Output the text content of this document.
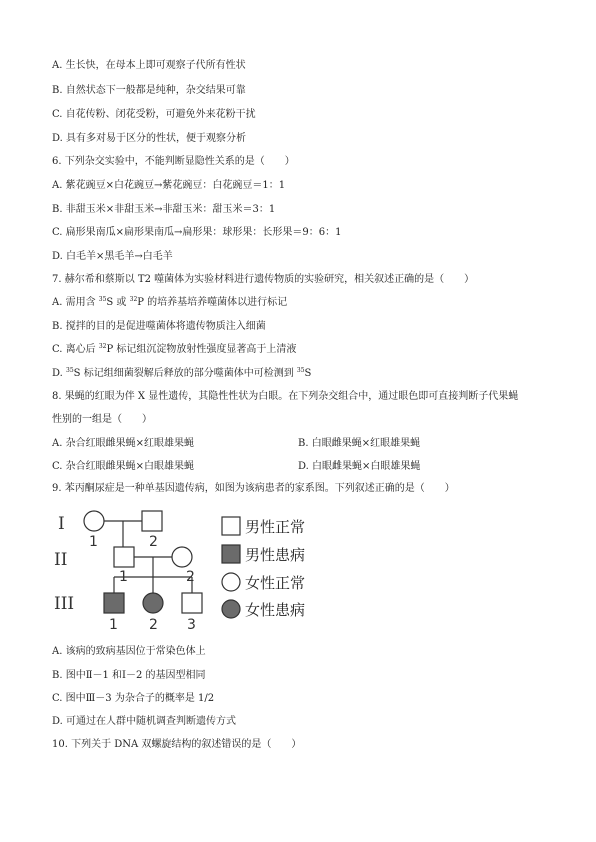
A. 生长快，在母本上即可观察子代所有性状
B. 自然状态下一般都是纯种，杂交结果可靠
C. 自花传粉、闭花受粉，可避免外来花粉干扰
D. 具有多对易于区分的性状，便于观察分析
6. 下列杂交实验中，不能判断显隐性关系的是（　　）
A. 紫花豌豆×白花豌豆→紫花豌豆：白花豌豆＝1：1
B. 非甜玉米×非甜玉米→非甜玉米：甜玉米＝3：1
C. 扁形果南瓜×扁形果南瓜→扁形果：球形果：长形果＝9：6：1
D. 白毛羊×黑毛羊→白毛羊
7. 赫尔希和蔡斯以 T2 噬菌体为实验材料进行遗传物质的实验研究，相关叙述正确的是（　　）
A. 需用含 $^{35}$S 或 $^{32}$P 的培养基培养噬菌体以进行标记
B. 搅拌的目的是促进噬菌体将遗传物质注入细菌
C. 离心后 $^{32}$P 标记组沉淀物放射性强度显著高于上清液
D. $^{35}$S 标记组细菌裂解后释放的部分噬菌体中可检测到 $^{35}$S
8. 果蝇的红眼为伴 X 显性遗传，其隐性性状为白眼。在下列杂交组合中，通过眼色即可直接判断子代果蝇
性别的一组是（　　）
A. 杂合红眼雌果蝇×红眼雄果蝇	B. 白眼雌果蝇×红眼雄果蝇
C. 杂合红眼雌果蝇×白眼雄果蝇	D. 白眼雌果蝇×白眼雄果蝇
9. 苯丙酮尿症是一种单基因遗传病，如图为该病患者的家系图。下列叙述正确的是（　　）
I
II
III
1	2
1	2
1 2 3
男性正常
男性患病
女性正常
女性患病
A. 该病的致病基因位于常染色体上
B. 图中Ⅱ－1 和Ⅰ－2 的基因型相同
C. 图中Ⅲ－3 为杂合子的概率是 1/2
D. 可通过在人群中随机调查判断遗传方式
10. 下列关于 DNA 双螺旋结构的叙述错误的是（　　）
